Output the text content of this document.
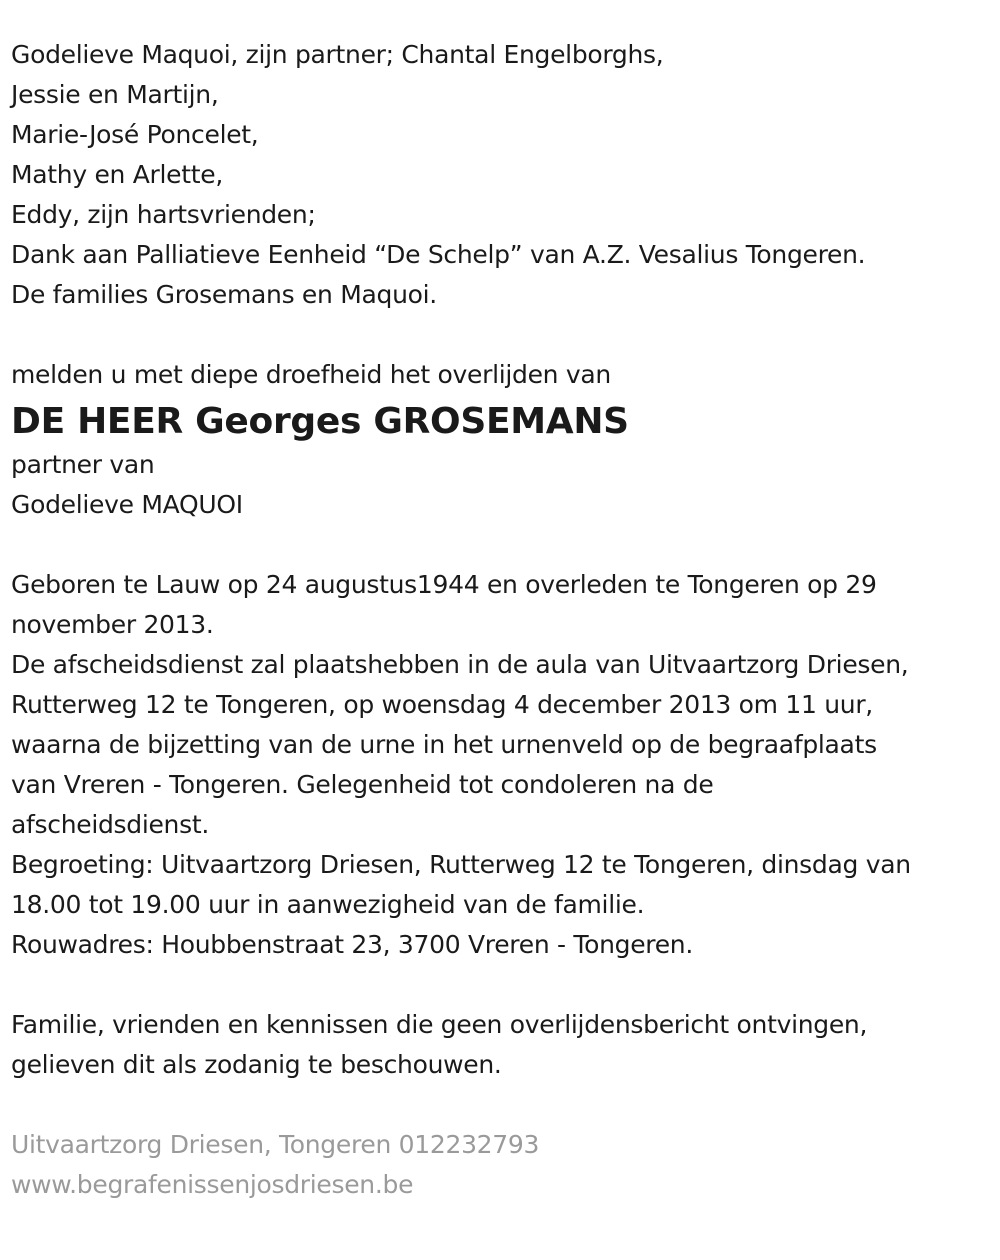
Godelieve Maquoi, zijn partner; Chantal Engelborghs,
Jessie en Martijn,
Marie-José Poncelet,
Mathy en Arlette,
Eddy, zijn hartsvrienden;
Dank aan Palliatieve Eenheid “De Schelp” van A.Z. Vesalius Tongeren.
De families Grosemans en Maquoi.
melden u met diepe droefheid het overlijden van
DE HEER Georges GROSEMANS
partner van
Godelieve MAQUOI
Geboren te Lauw op 24 augustus1944 en overleden te Tongeren op 29
november 2013.
De afscheidsdienst zal plaatshebben in de aula van Uitvaartzorg Driesen,
Rutterweg 12 te Tongeren, op woensdag 4 december 2013 om 11 uur,
waarna de bijzetting van de urne in het urnenveld op de begraafplaats
van Vreren - Tongeren. Gelegenheid tot condoleren na de
afscheidsdienst.
Begroeting: Uitvaartzorg Driesen, Rutterweg 12 te Tongeren, dinsdag van
18.00 tot 19.00 uur in aanwezigheid van de familie.
Rouwadres: Houbbenstraat 23, 3700 Vreren - Tongeren.
Familie, vrienden en kennissen die geen overlijdensbericht ontvingen,
gelieven dit als zodanig te beschouwen.
Uitvaartzorg Driesen, Tongeren 012232793
www.begrafenissenjosdriesen.be
